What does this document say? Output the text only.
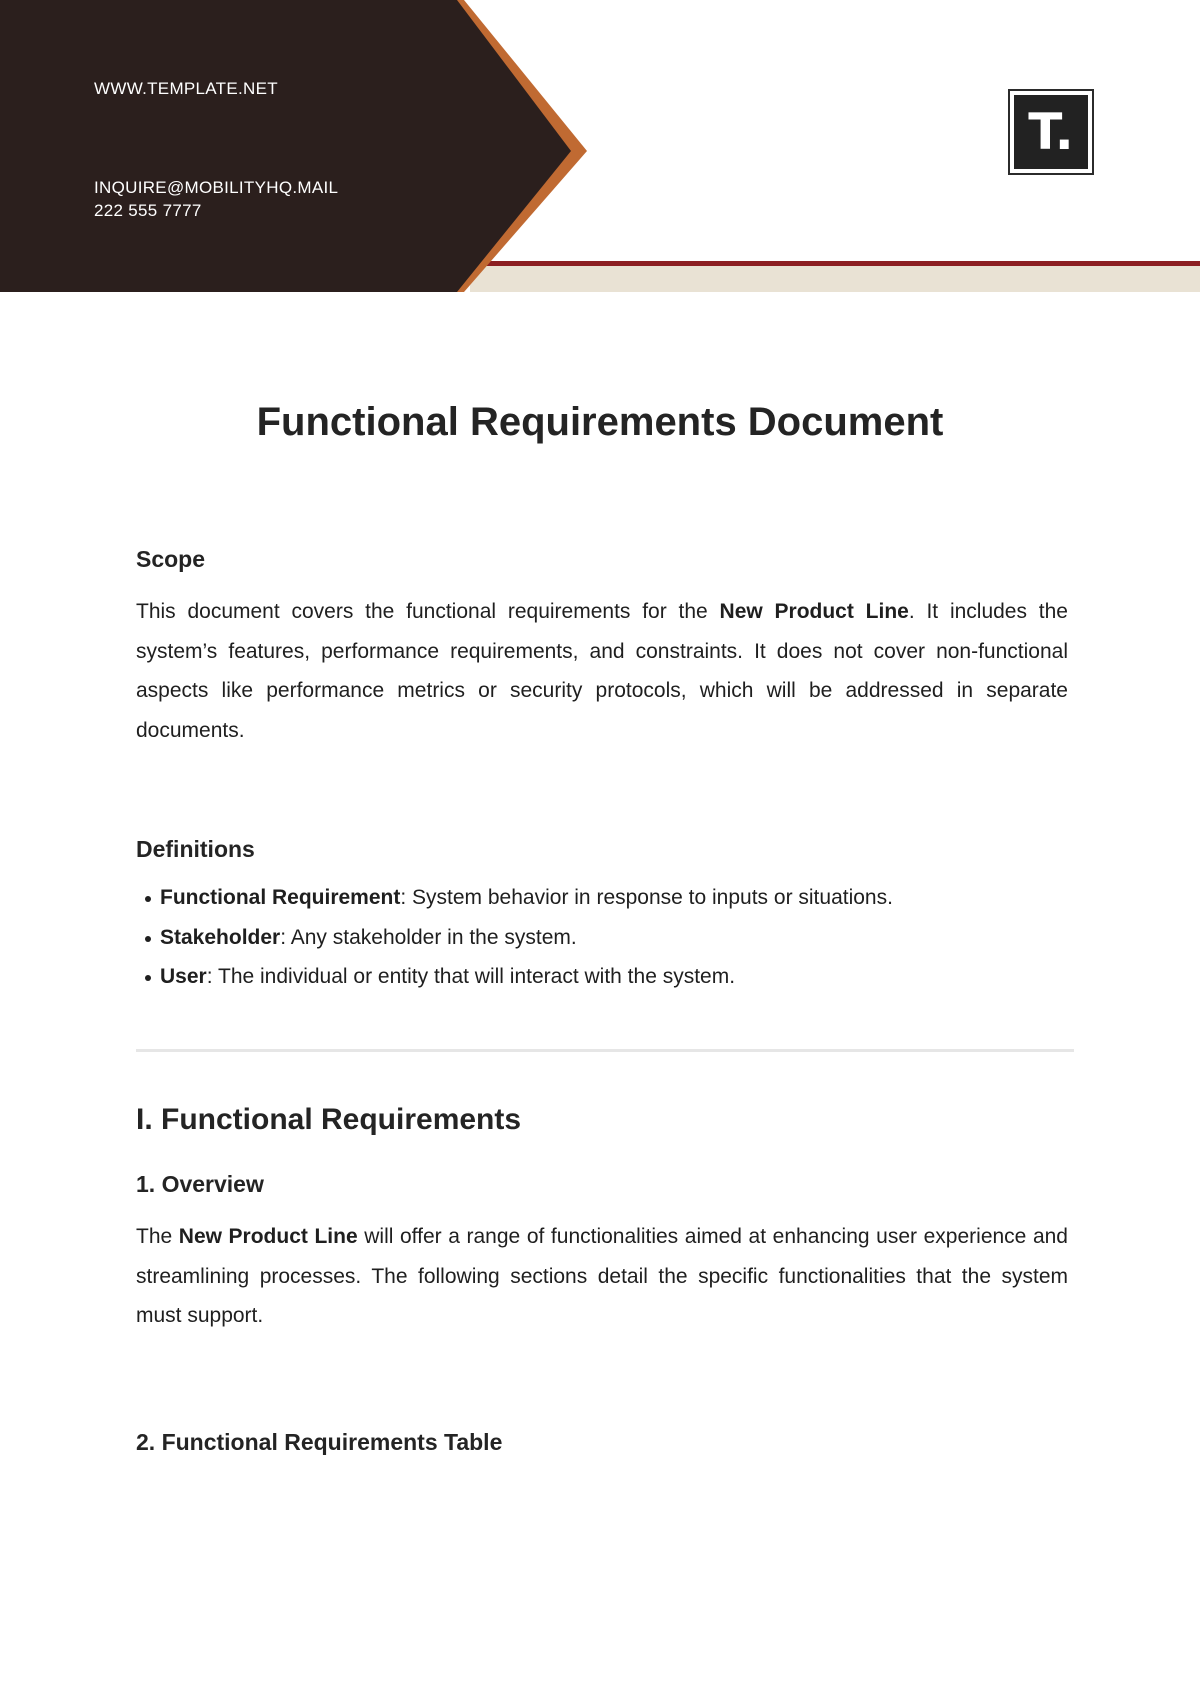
WWW.TEMPLATE.NET
INQUIRE@MOBILITYHQ.MAIL
222 555 7777
T.
Functional Requirements Document
Scope

This document covers the functional requirements for the New Product Line. It includes the system’s features, performance requirements, and constraints. It does not cover non-functional aspects like performance metrics or security protocols, which will be addressed in separate documents.

Definitions
Functional Requirement: System behavior in response to inputs or situations.
Stakeholder: Any stakeholder in the system.
User: The individual or entity that will interact with the system.
I. Functional Requirements
1. Overview

The New Product Line will offer a range of functionalities aimed at enhancing user experience and streamlining processes. The following sections detail the specific functionalities that the system must support.

2. Functional Requirements Table
